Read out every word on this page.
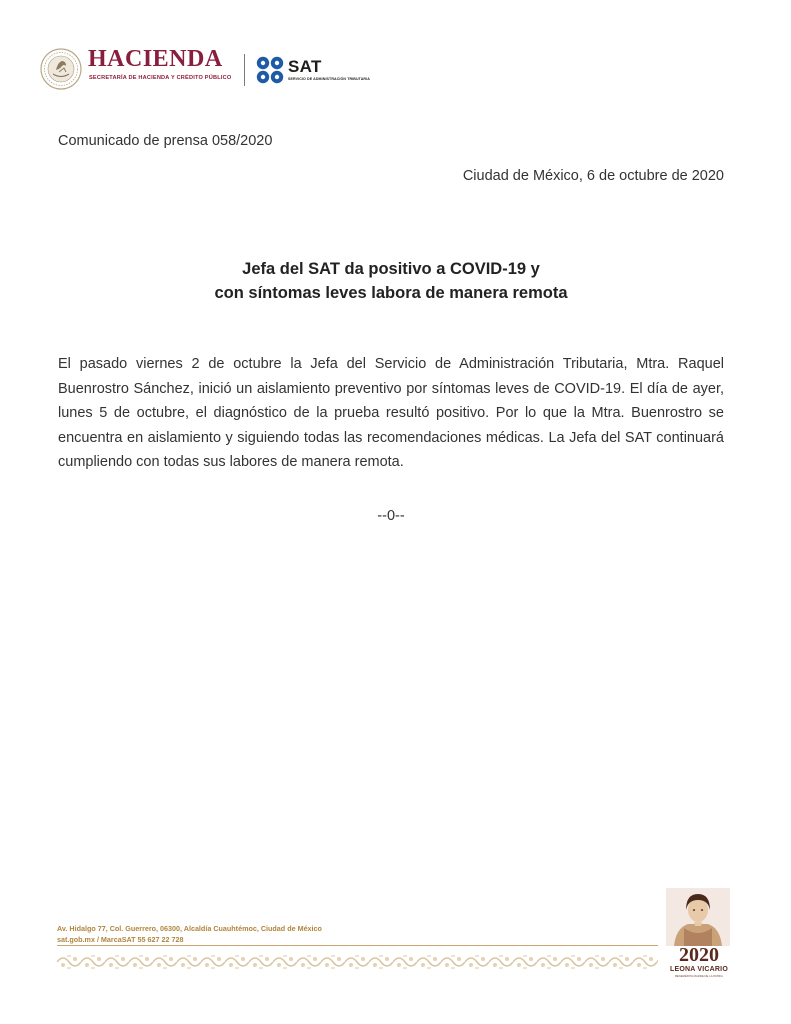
HACIENDA
SECRETARÍA DE HACIENDA Y CRÉDITO PÚBLICO
SAT
SERVICIO DE ADMINISTRACIÓN TRIBUTARIA
Comunicado de prensa 058/2020
Ciudad de México, 6 de octubre de 2020
Jefa del SAT da positivo a COVID-19 y
con síntomas leves labora de manera remota
El pasado viernes 2 de octubre la Jefa del Servicio de Administración Tributaria, Mtra. Raquel Buenrostro Sánchez, inició un aislamiento preventivo por síntomas leves de COVID-19. El día de ayer, lunes 5 de octubre, el diagnóstico de la prueba resultó positivo. Por lo que la Mtra. Buenrostro se encuentra en aislamiento y siguiendo todas las recomendaciones médicas. La Jefa del SAT continuará cumpliendo con todas sus labores de manera remota.
--0--
Av. Hidalgo 77, Col. Guerrero, 06300, Alcaldía Cuauhtémoc, Ciudad de México
sat.gob.mx / MarcaSAT 55 627 22 728
2020
LEONA VICARIO
BENEMÉRITA MADRE DE LA PATRIA
